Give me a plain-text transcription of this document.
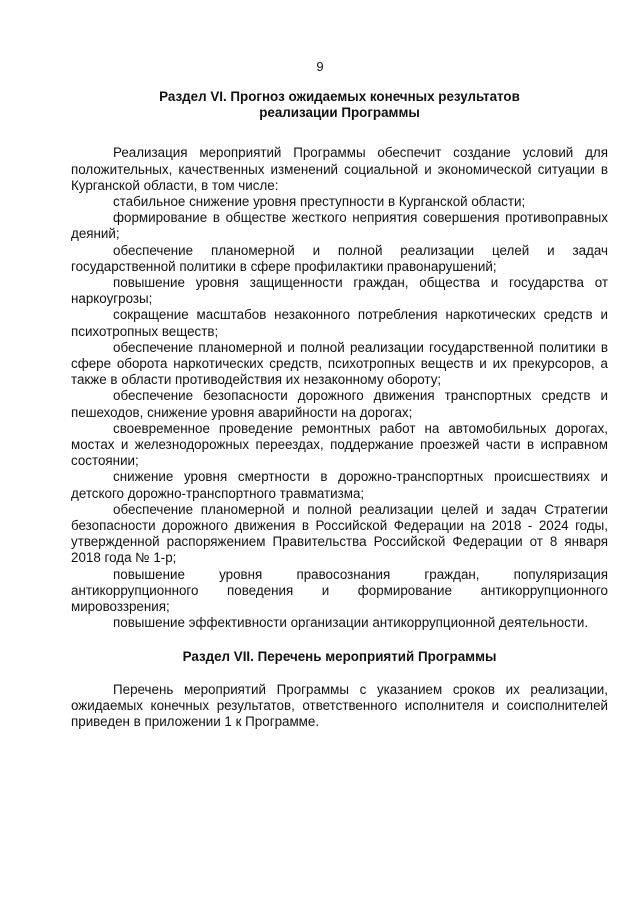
9

Раздел VI. Прогноз ожидаемых конечных результатов

реализации Программы

Реализация мероприятий Программы обеспечит создание условий для положительных, качественных изменений социальной и экономической ситуации в Курганской области, в том числе:

стабильное снижение уровня преступности в Курганской области;

формирование в обществе жесткого неприятия совершения противоправных деяний;

обеспечение планомерной и полной реализации целей и задач государственной политики в сфере профилактики правонарушений;

повышение уровня защищенности граждан, общества и государства от наркоугрозы;

сокращение масштабов незаконного потребления наркотических средств и психотропных веществ;

обеспечение планомерной и полной реализации государственной политики в сфере оборота наркотических средств, психотропных веществ и их прекурсоров, а также в области противодействия их незаконному обороту;

обеспечение безопасности дорожного движения транспортных средств и пешеходов, снижение уровня аварийности на дорогах;

своевременное проведение ремонтных работ на автомобильных дорогах, мостах и железнодорожных переездах, поддержание проезжей части в исправном состоянии;

снижение уровня смертности в дорожно-транспортных происшествиях и детского дорожно-транспортного травматизма;

обеспечение планомерной и полной реализации целей и задач Стратегии безопасности дорожного движения в Российской Федерации на 2018 - 2024 годы, утвержденной распоряжением Правительства Российской Федерации от 8 января 2018 года № 1-р;

повышение уровня правосознания граждан, популяризация антикоррупционного поведения и формирование антикоррупционного мировоззрения;

повышение эффективности организации антикоррупционной деятельности.

Раздел VII. Перечень мероприятий Программы

Перечень мероприятий Программы с указанием сроков их реализации, ожидаемых конечных результатов, ответственного исполнителя и соисполнителей приведен в приложении 1 к Программе.
